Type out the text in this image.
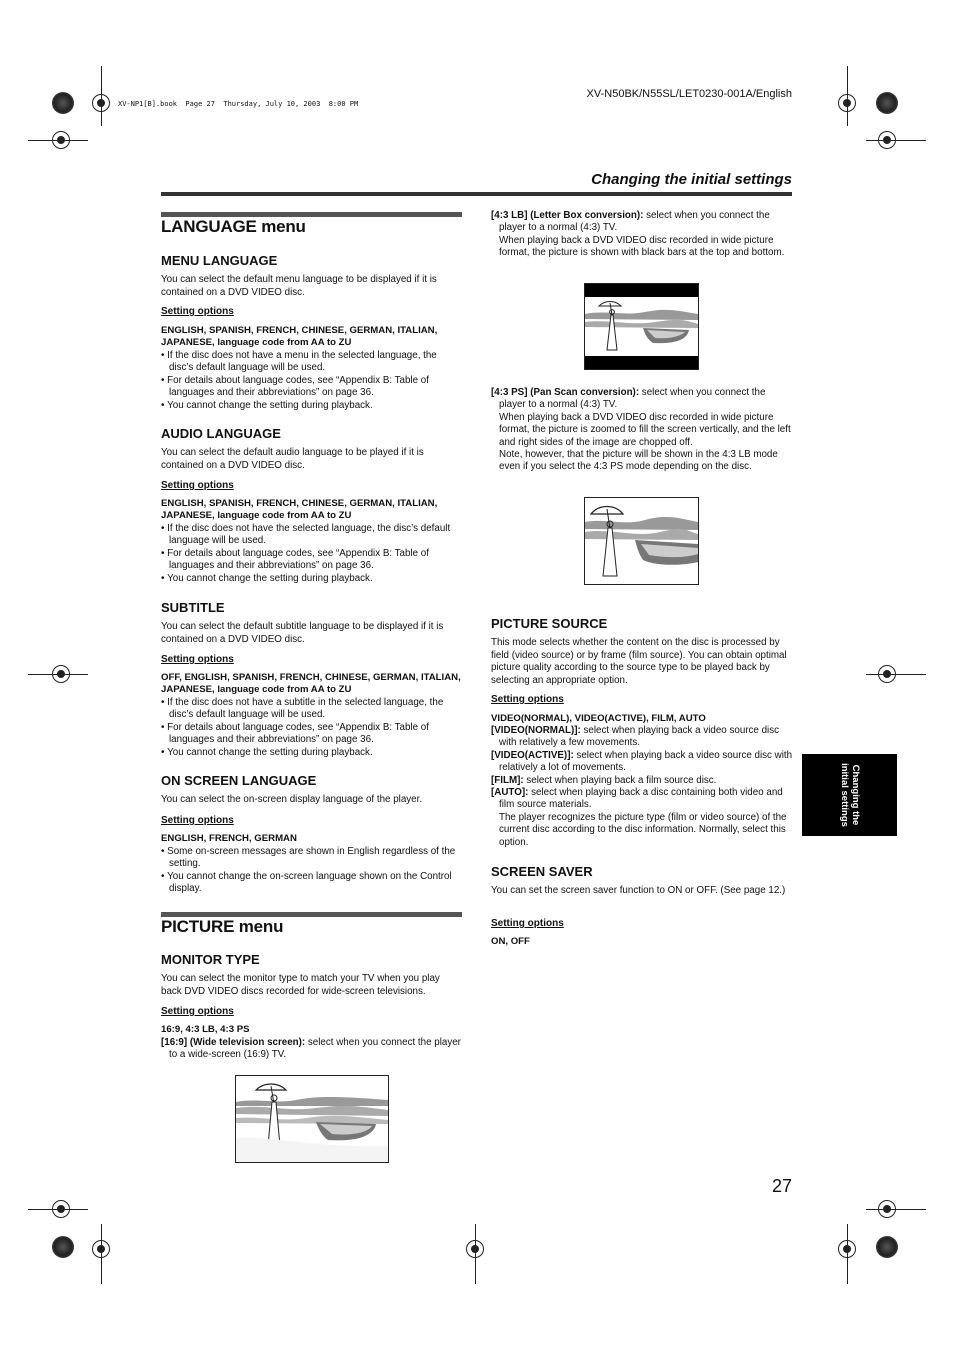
XV-NP1[B].book  Page 27  Thursday, July 10, 2003  8:00 PM
XV-N50BK/N55SL/LET0230-001A/English
Changing the initial settings
LANGUAGE menu
MENU LANGUAGE
You can select the default menu language to be displayed if it is contained on a DVD VIDEO disc.
Setting options
ENGLISH, SPANISH, FRENCH, CHINESE, GERMAN, ITALIAN, JAPANESE, language code from AA to ZU
• If the disc does not have a menu in the selected language, the disc’s default language will be used.
• For details about language codes, see “Appendix B: Table of languages and their abbreviations” on page 36.
• You cannot change the setting during playback.
AUDIO LANGUAGE
You can select the default audio language to be played if it is contained on a DVD VIDEO disc.
Setting options
ENGLISH, SPANISH, FRENCH, CHINESE, GERMAN, ITALIAN, JAPANESE, language code from AA to ZU
• If the disc does not have the selected language, the disc’s default language will be used.
• For details about language codes, see “Appendix B: Table of languages and their abbreviations” on page 36.
• You cannot change the setting during playback.
SUBTITLE
You can select the default subtitle language to be displayed if it is contained on a DVD VIDEO disc.
Setting options
OFF, ENGLISH, SPANISH, FRENCH, CHINESE, GERMAN, ITALIAN, JAPANESE, language code from AA to ZU
• If the disc does not have a subtitle in the selected language, the disc’s default language will be used.
• For details about language codes, see “Appendix B: Table of languages and their abbreviations” on page 36.
• You cannot change the setting during playback.
ON SCREEN LANGUAGE
You can select the on-screen display language of the player.
Setting options
ENGLISH, FRENCH, GERMAN
• Some on-screen messages are shown in English regardless of the setting.
• You cannot change the on-screen language shown on the Control display.
PICTURE menu
MONITOR TYPE
You can select the monitor type to match your TV when you play back DVD VIDEO discs recorded for wide-screen televisions.
Setting options
16:9, 4:3 LB, 4:3 PS
[16:9] (Wide television screen): select when you connect the player to a wide-screen (16:9) TV.
[4:3 LB] (Letter Box conversion): select when you connect the player to a normal (4:3) TV.
When playing back a DVD VIDEO disc recorded in wide picture format, the picture is shown with black bars at the top and bottom.
[4:3 PS] (Pan Scan conversion): select when you connect the player to a normal (4:3) TV.
When playing back a DVD VIDEO disc recorded in wide picture format, the picture is zoomed to fill the screen vertically, and the left and right sides of the image are chopped off.
Note, however, that the picture will be shown in the 4:3 LB mode even if you select the 4:3 PS mode depending on the disc.
PICTURE SOURCE
This mode selects whether the content on the disc is processed by field (video source) or by frame (film source). You can obtain optimal picture quality according to the source type to be played back by selecting an appropriate option.
Setting options
VIDEO(NORMAL), VIDEO(ACTIVE), FILM, AUTO
[VIDEO(NORMAL)]: select when playing back a video source disc with relatively a few movements.
[VIDEO(ACTIVE)]: select when playing back a video source disc with relatively a lot of movements.
[FILM]: select when playing back a film source disc.
[AUTO]: select when playing back a disc containing both video and film source materials.
The player recognizes the picture type (film or video source) of the current disc according to the disc information. Normally, select this option.
SCREEN SAVER
You can set the screen saver function to ON or OFF. (See page 12.)
Setting options
ON, OFF
Changing the initial settings
27
